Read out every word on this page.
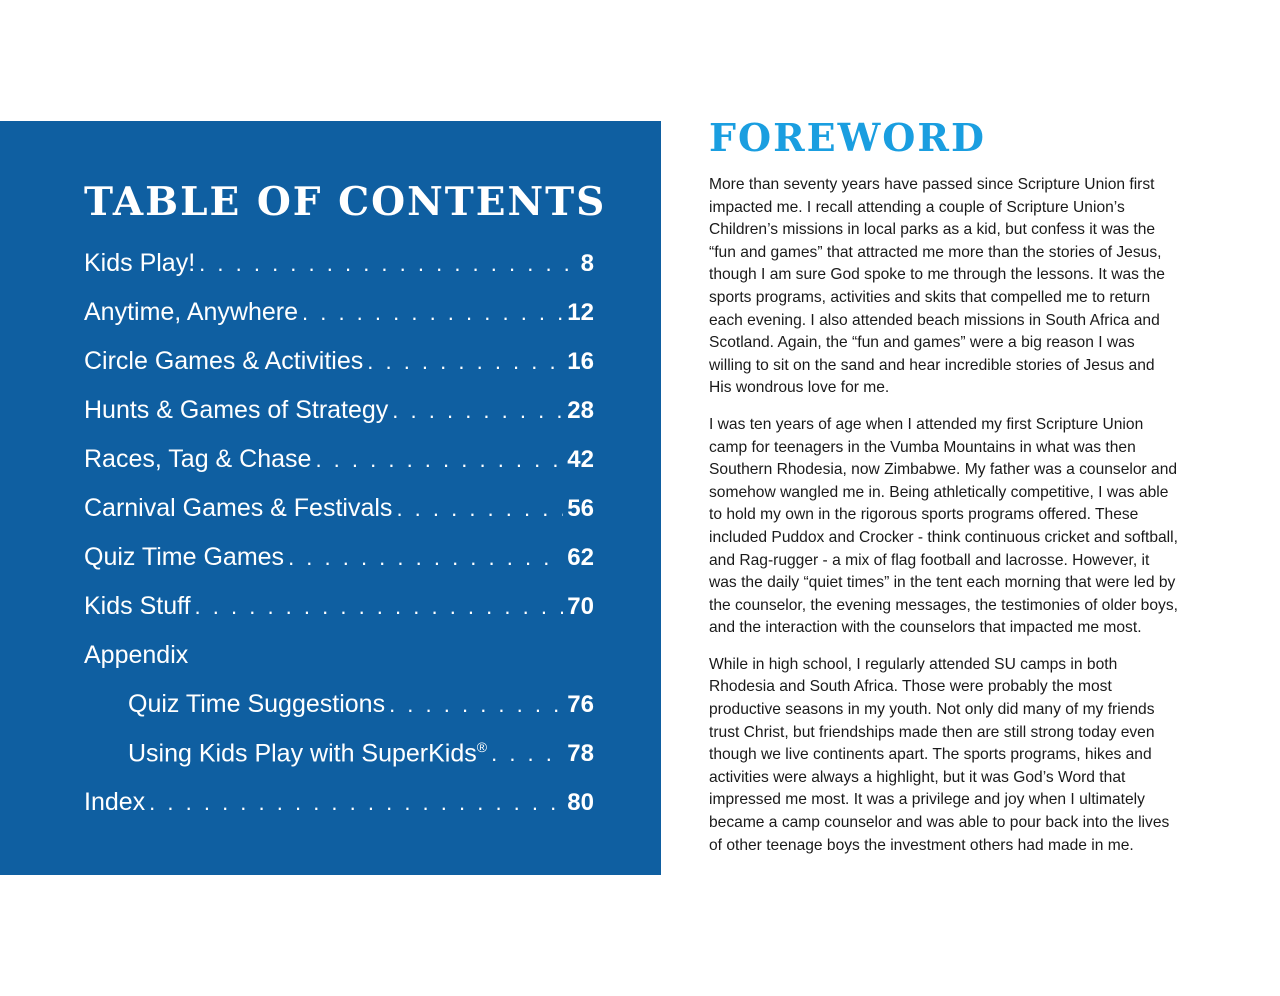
TABLE OF CONTENTS
Kids Play! . . .	8
Anytime, Anywhere . . .	12
Circle Games & Activities . . .	16
Hunts & Games of Strategy . . .	28
Races, Tag & Chase . . .	42
Carnival Games & Festivals . . .	56
Quiz Time Games . . .	62
Kids Stuff . . .	70
Appendix
Quiz Time Suggestions . . .	76
Using Kids Play with SuperKids® . . .	78
Index . . .	80
FOREWORD

More than seventy years have passed since Scripture Union first impacted me. I recall attending a couple of Scripture Union’s Children’s missions in local parks as a kid, but confess it was the “fun and games” that attracted me more than the stories of Jesus, though I am sure God spoke to me through the lessons. It was the sports programs, activities and skits that compelled me to return each evening. I also attended beach missions in South Africa and Scotland. Again, the “fun and games” were a big reason I was willing to sit on the sand and hear incredible stories of Jesus and His wondrous love for me.

I was ten years of age when I attended my first Scripture Union camp for teenagers in the Vumba Mountains in what was then Southern Rhodesia, now Zimbabwe. My father was a counselor and somehow wangled me in. Being athletically competitive, I was able to hold my own in the rigorous sports programs offered. These included Puddox and Crocker - think continuous cricket and softball, and Rag-rugger - a mix of flag football and lacrosse. However, it was the daily “quiet times” in the tent each morning that were led by the counselor, the evening messages, the testimonies of older boys, and the interaction with the counselors that impacted me most.

While in high school, I regularly attended SU camps in both Rhodesia and South Africa. Those were probably the most productive seasons in my youth. Not only did many of my friends trust Christ, but friendships made then are still strong today even though we live continents apart. The sports programs, hikes and activities were always a highlight, but it was God’s Word that impressed me most. It was a privilege and joy when I ultimately became a camp counselor and was able to pour back into the lives of other teenage boys the investment others had made in me.
